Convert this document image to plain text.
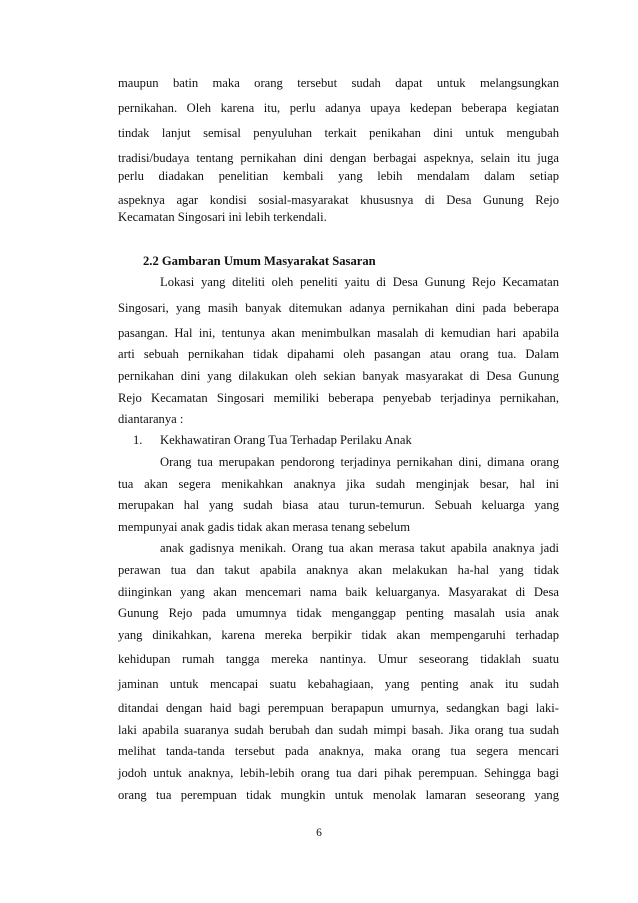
maupun batin maka orang tersebut sudah dapat untuk melangsungkan
pernikahan. Oleh karena itu, perlu adanya upaya kedepan beberapa kegiatan
tindak lanjut semisal penyuluhan terkait penikahan dini untuk mengubah
tradisi/budaya tentang pernikahan dini dengan berbagai aspeknya, selain itu juga
perlu diadakan penelitian kembali yang lebih mendalam dalam setiap
aspeknya agar kondisi sosial-masyarakat khususnya di Desa Gunung Rejo
Kecamatan Singosari ini lebih terkendali.
2.2 Gambaran Umum Masyarakat Sasaran
Lokasi yang diteliti oleh peneliti yaitu di Desa Gunung Rejo Kecamatan
Singosari, yang masih banyak ditemukan adanya pernikahan dini pada beberapa
pasangan. Hal ini, tentunya akan menimbulkan masalah di kemudian hari apabila
arti sebuah pernikahan tidak dipahami oleh pasangan atau orang tua. Dalam
pernikahan dini yang dilakukan oleh sekian banyak masyarakat di Desa Gunung
Rejo Kecamatan Singosari memiliki beberapa penyebab terjadinya pernikahan,
diantaranya :
1. Kekhawatiran Orang Tua Terhadap Perilaku Anak
Orang tua merupakan pendorong terjadinya pernikahan dini, dimana orang
tua akan segera menikahkan anaknya jika sudah menginjak besar, hal ini
merupakan hal yang sudah biasa atau turun-temurun. Sebuah keluarga yang
mempunyai anak gadis tidak akan merasa tenang sebelum
anak gadisnya menikah. Orang tua akan merasa takut apabila anaknya jadi
perawan tua dan takut apabila anaknya akan melakukan ha-hal yang tidak
diinginkan yang akan mencemari nama baik keluarganya. Masyarakat di Desa
Gunung Rejo pada umumnya tidak menganggap penting masalah usia anak
yang dinikahkan, karena mereka berpikir tidak akan mempengaruhi terhadap
kehidupan rumah tangga mereka nantinya. Umur seseorang tidaklah suatu
jaminan untuk mencapai suatu kebahagiaan, yang penting anak itu sudah
ditandai dengan haid bagi perempuan berapapun umurnya, sedangkan bagi laki-
laki apabila suaranya sudah berubah dan sudah mimpi basah. Jika orang tua sudah
melihat tanda-tanda tersebut pada anaknya, maka orang tua segera mencari
jodoh untuk anaknya, lebih-lebih orang tua dari pihak perempuan. Sehingga bagi
orang tua perempuan tidak mungkin untuk menolak lamaran seseorang yang
6
